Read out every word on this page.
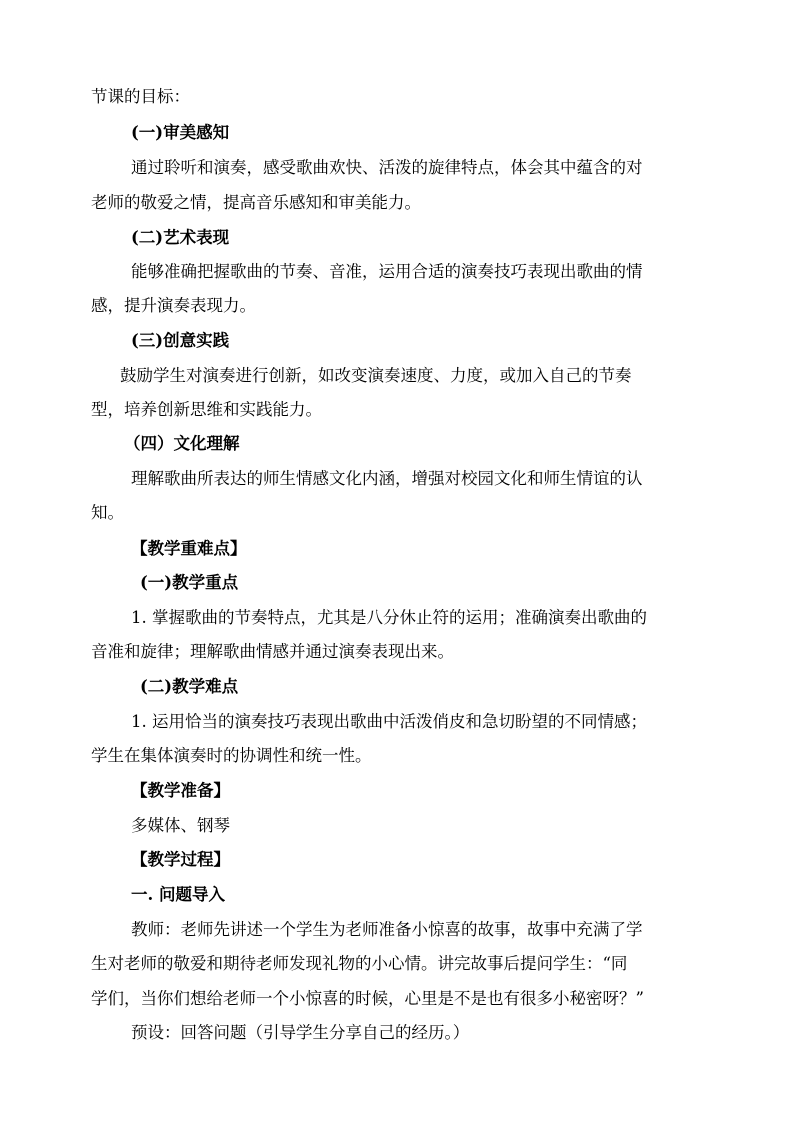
节课的目标：
(一)审美感知
通过聆听和演奏，感受歌曲欢快、活泼的旋律特点，体会其中蕴含的对
老师的敬爱之情，提高音乐感知和审美能力。
(二)艺术表现
能够准确把握歌曲的节奏、音准，运用合适的演奏技巧表现出歌曲的情
感，提升演奏表现力。
(三)创意实践
鼓励学生对演奏进行创新，如改变演奏速度、力度，或加入自己的节奏
型，培养创新思维和实践能力。
（四）文化理解
理解歌曲所表达的师生情感文化内涵，增强对校园文化和师生情谊的认
知。
【教学重难点】
(一)教学重点
1. 掌握歌曲的节奏特点，尤其是八分休止符的运用；准确演奏出歌曲的
音准和旋律；理解歌曲情感并通过演奏表现出来。
(二)教学难点
1. 运用恰当的演奏技巧表现出歌曲中活泼俏皮和急切盼望的不同情感；
学生在集体演奏时的协调性和统一性。
【教学准备】
多媒体、钢琴
【教学过程】
一. 问题导入
教师：老师先讲述一个学生为老师准备小惊喜的故事，故事中充满了学
生对老师的敬爱和期待老师发现礼物的小心情。讲完故事后提问学生：“同
学们，当你们想给老师一个小惊喜的时候，心里是不是也有很多小秘密呀？”
预设：回答问题（引导学生分享自己的经历。）
